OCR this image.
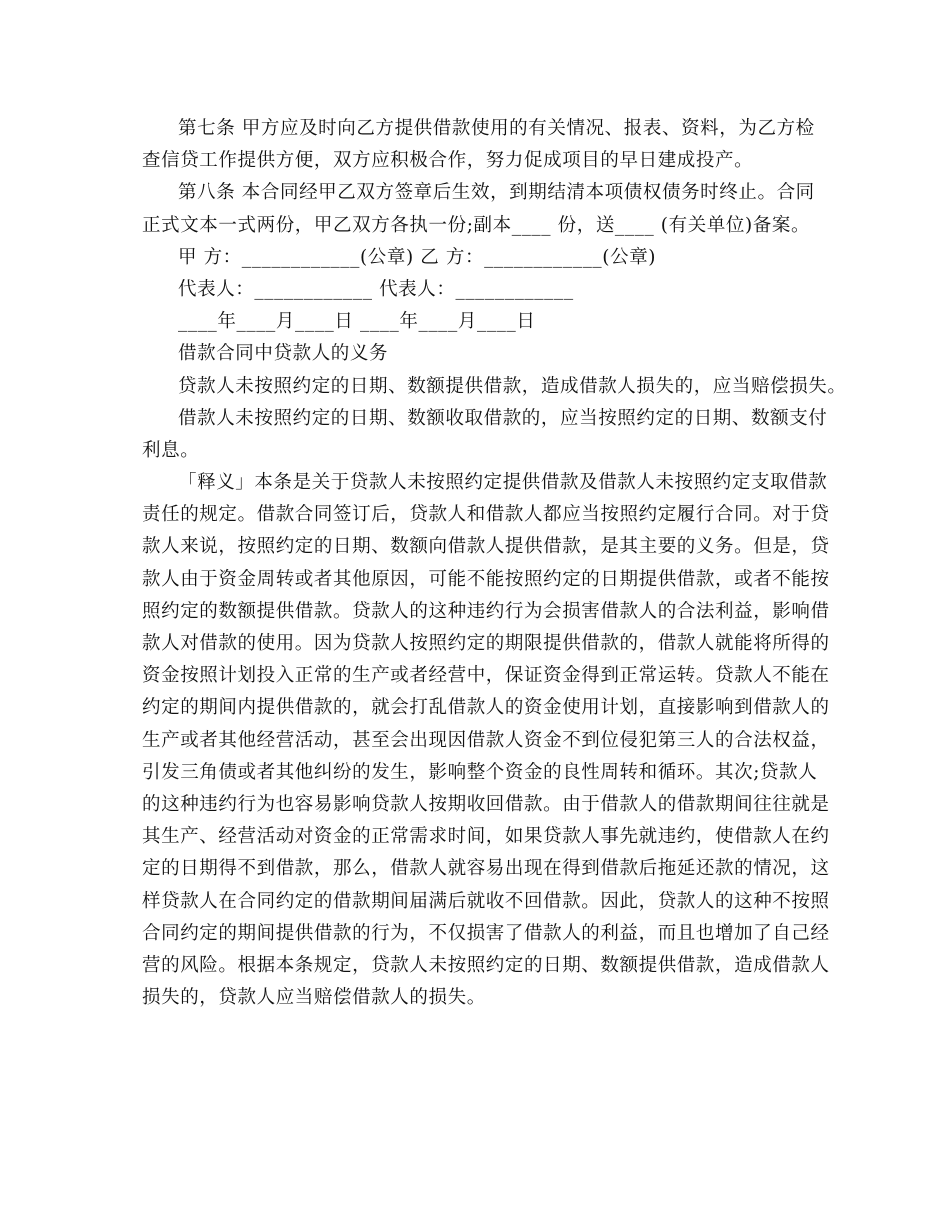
第七条 甲方应及时向乙方提供借款使用的有关情况、报表、资料，为乙方检
查信贷工作提供方便，双方应积极合作，努力促成项目的早日建成投产。
第八条 本合同经甲乙双方签章后生效，到期结清本项债权债务时终止。合同
正式文本一式两份，甲乙双方各执一份;副本____ 份，送____ (有关单位)备案。
甲 方：____________(公章) 乙 方：____________(公章)
代表人：____________ 代表人：____________
____年____月____日 ____年____月____日
借款合同中贷款人的义务
贷款人未按照约定的日期、数额提供借款，造成借款人损失的，应当赔偿损失。
借款人未按照约定的日期、数额收取借款的，应当按照约定的日期、数额支付
利息。
「释义」本条是关于贷款人未按照约定提供借款及借款人未按照约定支取借款
责任的规定。借款合同签订后，贷款人和借款人都应当按照约定履行合同。对于贷
款人来说，按照约定的日期、数额向借款人提供借款，是其主要的义务。但是，贷
款人由于资金周转或者其他原因，可能不能按照约定的日期提供借款，或者不能按
照约定的数额提供借款。贷款人的这种违约行为会损害借款人的合法利益，影响借
款人对借款的使用。因为贷款人按照约定的期限提供借款的，借款人就能将所得的
资金按照计划投入正常的生产或者经营中，保证资金得到正常运转。贷款人不能在
约定的期间内提供借款的，就会打乱借款人的资金使用计划，直接影响到借款人的
生产或者其他经营活动，甚至会出现因借款人资金不到位侵犯第三人的合法权益，
引发三角债或者其他纠纷的发生，影响整个资金的良性周转和循环。其次;贷款人
的这种违约行为也容易影响贷款人按期收回借款。由于借款人的借款期间往往就是
其生产、经营活动对资金的正常需求时间，如果贷款人事先就违约，使借款人在约
定的日期得不到借款，那么，借款人就容易出现在得到借款后拖延还款的情况，这
样贷款人在合同约定的借款期间届满后就收不回借款。因此，贷款人的这种不按照
合同约定的期间提供借款的行为，不仅损害了借款人的利益，而且也增加了自己经
营的风险。根据本条规定，贷款人未按照约定的日期、数额提供借款，造成借款人
损失的，贷款人应当赔偿借款人的损失。
